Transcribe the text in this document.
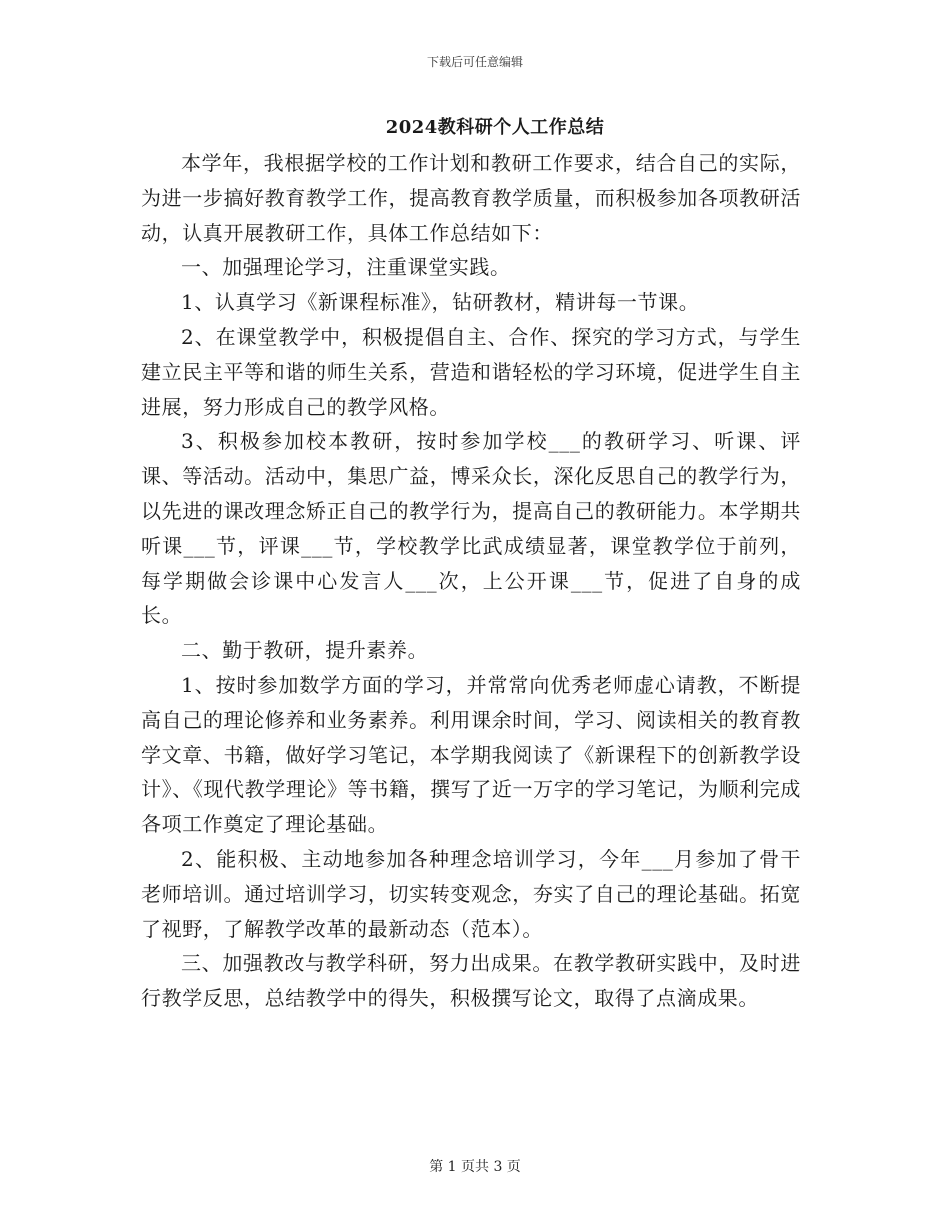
下载后可任意编辑
2024教科研个人工作总结

本学年，我根据学校的工作计划和教研工作要求，结合自己的实际，为进一步搞好教育教学工作，提高教育教学质量，而积极参加各项教研活动，认真开展教研工作，具体工作总结如下：

一、加强理论学习，注重课堂实践。

1、认真学习《新课程标准》，钻研教材，精讲每一节课。

2、在课堂教学中，积极提倡自主、合作、探究的学习方式，与学生建立民主平等和谐的师生关系，营造和谐轻松的学习环境，促进学生自主进展，努力形成自己的教学风格。

3、积极参加校本教研，按时参加学校___的教研学习、听课、评课、等活动。活动中，集思广益，博采众长，深化反思自己的教学行为，以先进的课改理念矫正自己的教学行为，提高自己的教研能力。本学期共听课___节，评课___节，学校教学比武成绩显著，课堂教学位于前列，每学期做会诊课中心发言人___次，上公开课___节，促进了自身的成长。

二、勤于教研，提升素养。

1、按时参加数学方面的学习，并常常向优秀老师虚心请教，不断提高自己的理论修养和业务素养。利用课余时间，学习、阅读相关的教育教学文章、书籍，做好学习笔记，本学期我阅读了《新课程下的创新教学设计》、《现代教学理论》等书籍，撰写了近一万字的学习笔记，为顺利完成各项工作奠定了理论基础。

2、能积极、主动地参加各种理念培训学习，今年___月参加了骨干老师培训。通过培训学习，切实转变观念，夯实了自己的理论基础。拓宽了视野，了解教学改革的最新动态（范本）。

三、加强教改与教学科研，努力出成果。在教学教研实践中，及时进行教学反思，总结教学中的得失，积极撰写论文，取得了点滴成果。

第 1 页共 3 页
